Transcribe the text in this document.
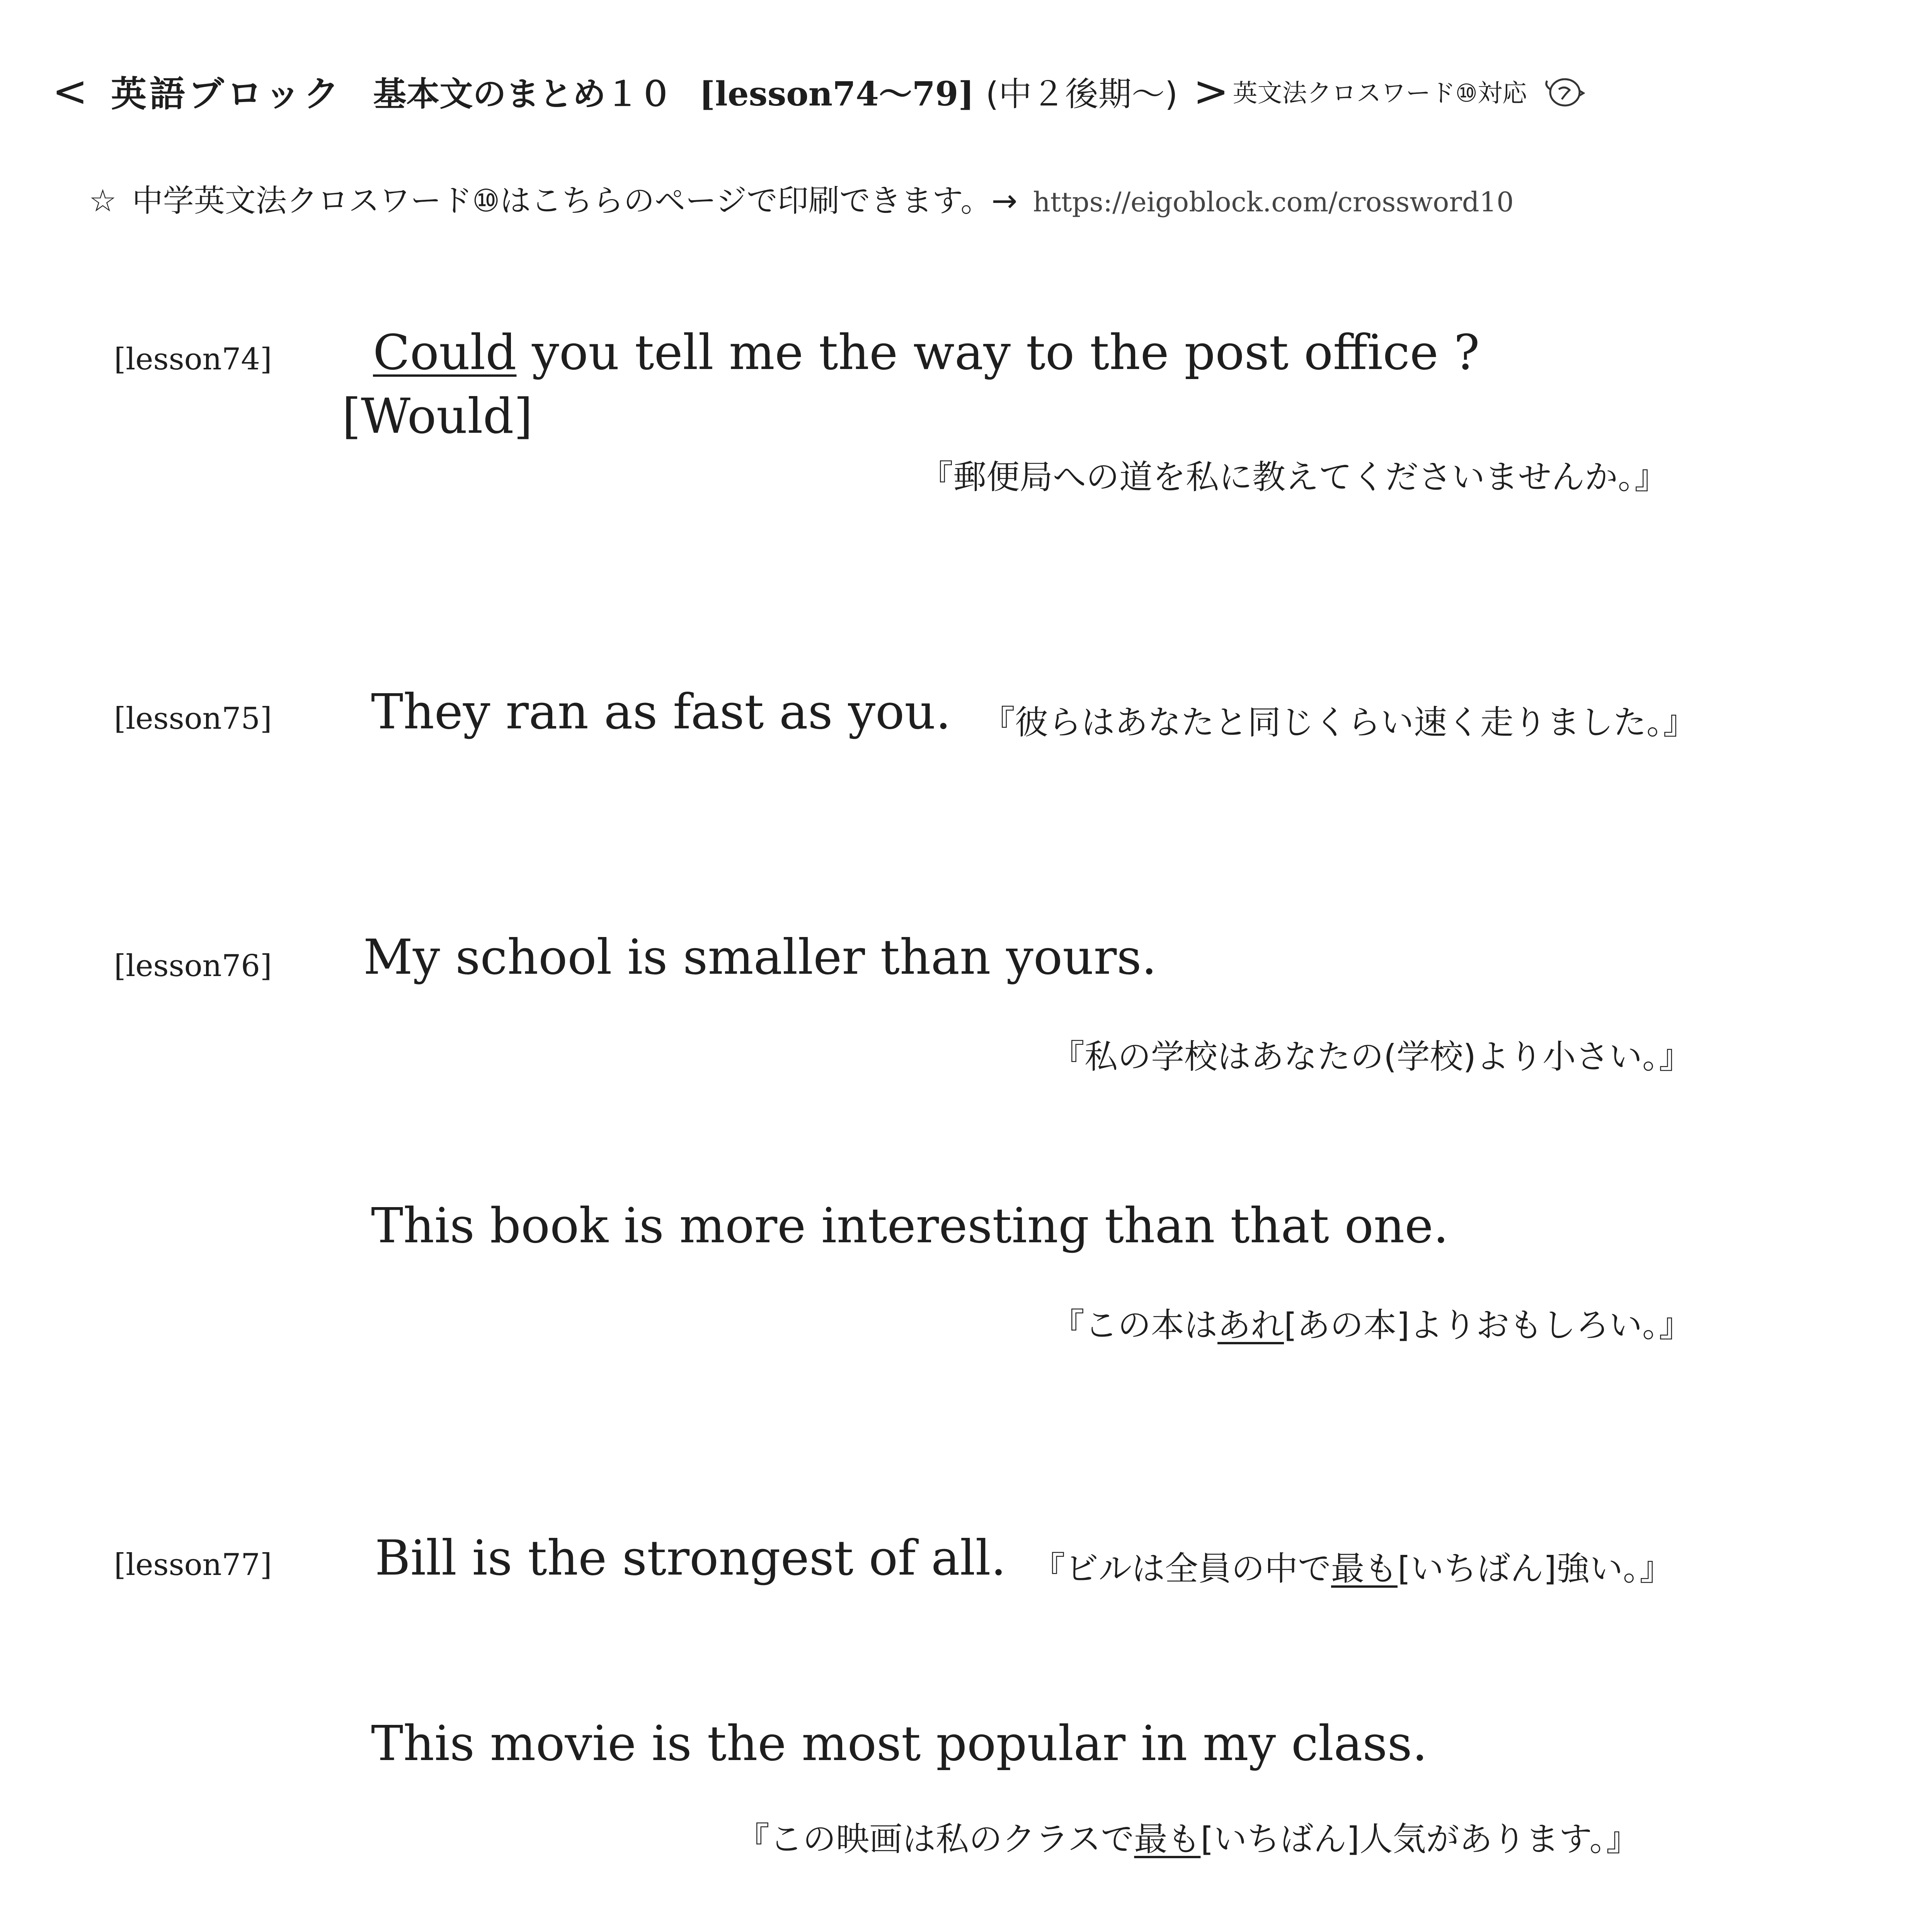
< 英語ブロック 基本文のまとめ１０ [lesson74〜79] (中２後期〜) > 英文法クロスワード⑩対応
☆ 中学英文法クロスワード⑩はこちらのページで印刷できます。→ https://eigoblock.com/crossword10
[lesson74] Could you tell me the way to the post office ?
[Would]
『郵便局への道を私に教えてくださいませんか。』
[lesson75] They ran as fast as you. 『彼らはあなたと同じくらい速く走りました。』
[lesson76] My school is smaller than yours.
『私の学校はあなたの(学校)より小さい。』
This book is more interesting than that one.
『この本はあれ[あの本]よりおもしろい。』
[lesson77] Bill is the strongest of all. 『ビルは全員の中で最も[いちばん]強い。』
This movie is the most popular in my class.
『この映画は私のクラスで最も[いちばん]人気があります。』
